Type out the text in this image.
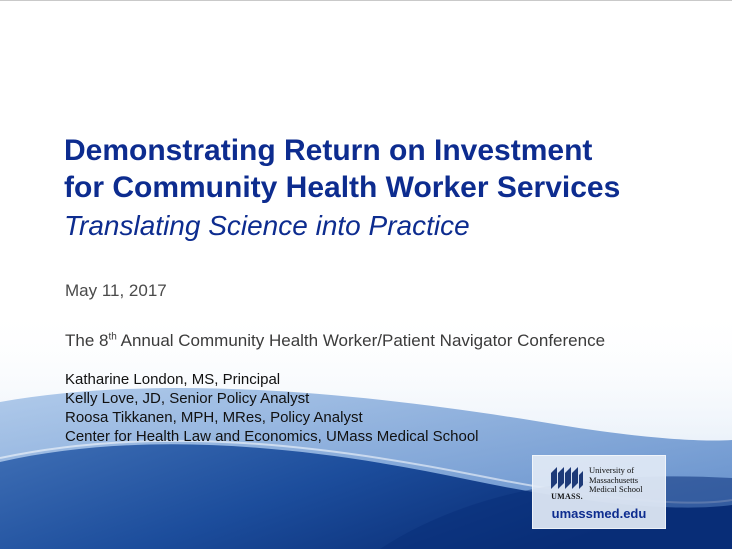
Demonstrating Return on Investment
for Community Health Worker Services
Translating Science into Practice
May 11, 2017
The 8th Annual Community Health Worker/Patient Navigator Conference
Katharine London, MS, Principal
Kelly Love, JD, Senior Policy Analyst
Roosa Tikkanen, MPH, MRes, Policy Analyst
Center for Health Law and Economics, UMass Medical School
UMASS.
University of
Massachusetts
Medical School
umassmed.edu
